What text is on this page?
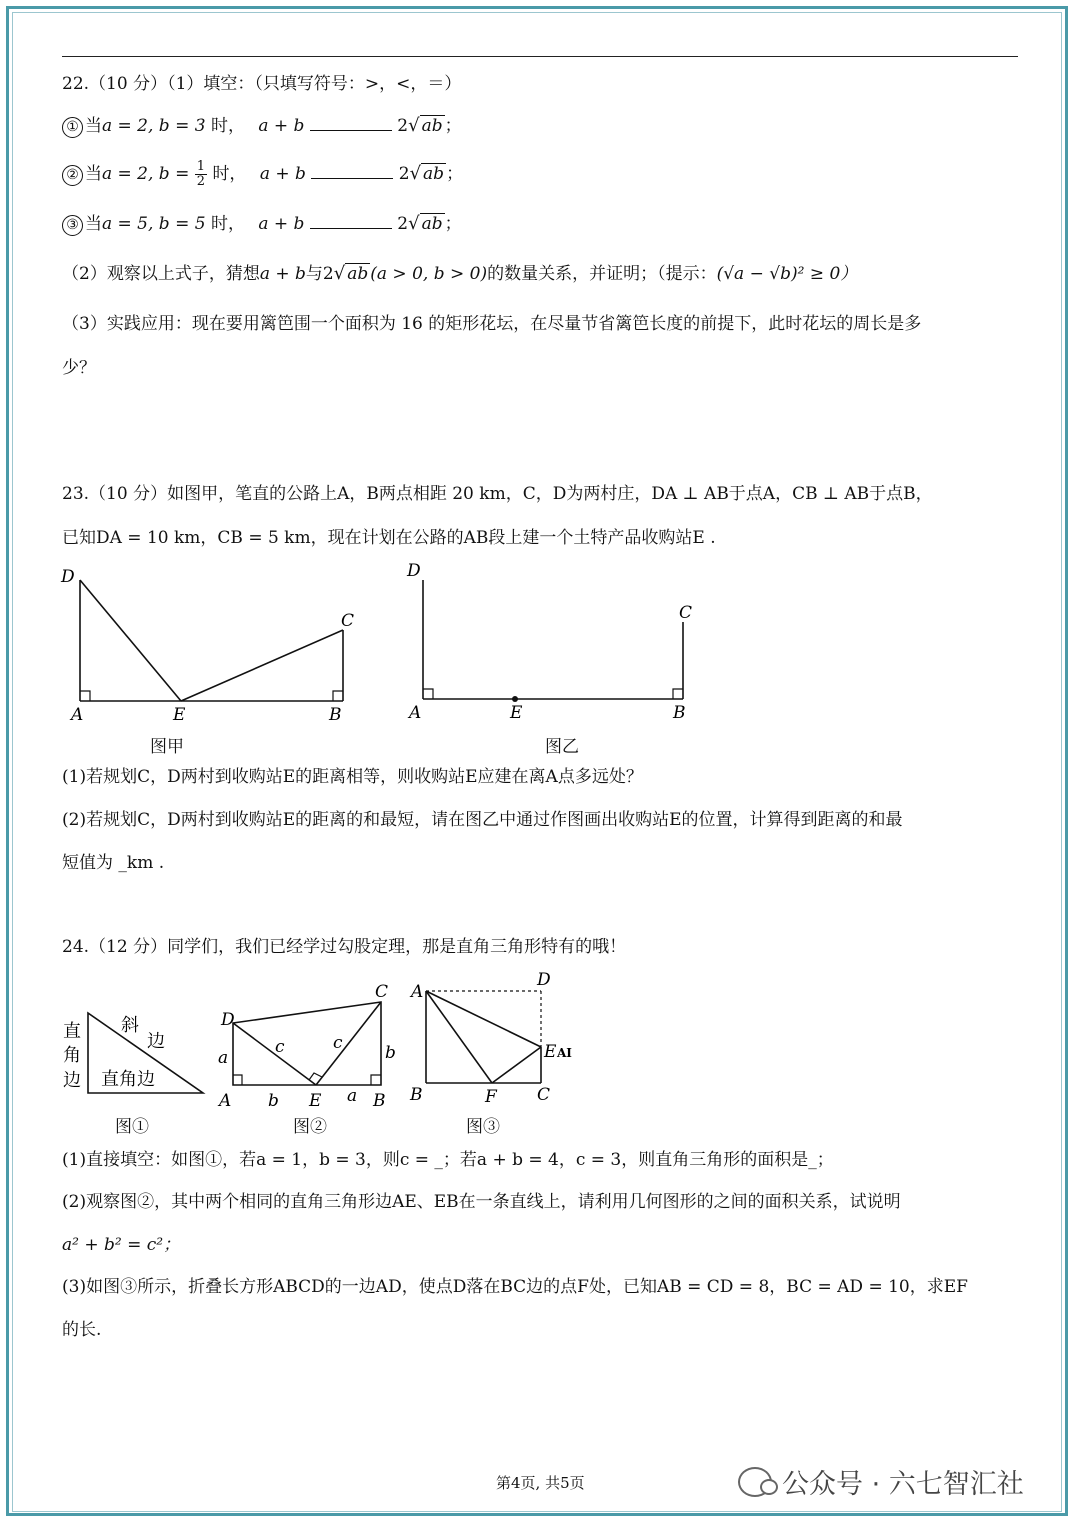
22.（10 分）（1）填空：（只填写符号：>，<，＝）
① 当a = 2, b = 3 时， a + b	2√ ab ；
② 当a = 2, $b = \frac{1}{2}$ 时， a + b	2√ ab ；
③ 当a = 5, b = 5 时， a + b	2√ ab ；
（2）观察以上式子，猜想a + b与2√ ab (a > 0, b > 0)的数量关系，并证明；（提示：(√a − √b)² ≥ 0）
（3）实践应用：现在要用篱笆围一个面积为 16 的矩形花坛，在尽量节省篱笆长度的前提下，此时花坛的周长是多
少？
23.（10 分）如图甲，笔直的公路上A，B两点相距 20 km，C，D为两村庄，DA ⊥ AB于点A，CB ⊥ AB于点B，
已知DA = 10 km，CB = 5 km，现在计划在公路的AB段上建一个土特产品收购站E .
D
C
A	E	B
D
C
A	E	B
图甲	图乙
(1)若规划C，D两村到收购站E的距离相等，则收购站E应建在离A点多远处？
(2)若规划C，D两村到收购站E的距离的和最短，请在图乙中通过作图画出收购站E的位置，计算得到距离的和最
短值为 _km .
24.（12 分）同学们，我们已经学过勾股定理，那是直角三角形特有的哦！
直
角
边
斜
边
直角边
D
C
A	E	B
a
a
b
b
c	c
A
D
E AI
B	F C
图①	图②	图③
(1)直接填空：如图①，若a = 1，b = 3，则c = _；若a + b = 4，c = 3，则直角三角形的面积是_；
(2)观察图②，其中两个相同的直角三角形边AE、EB在一条直线上，请利用几何图形的之间的面积关系，试说明
a² + b² = c²；
(3)如图③所示，折叠长方形ABCD的一边AD，使点D落在BC边的点F处，已知AB = CD = 8，BC = AD = 10，求EF
的长.
第4页, 共5页	公众号 · 六七智汇社
